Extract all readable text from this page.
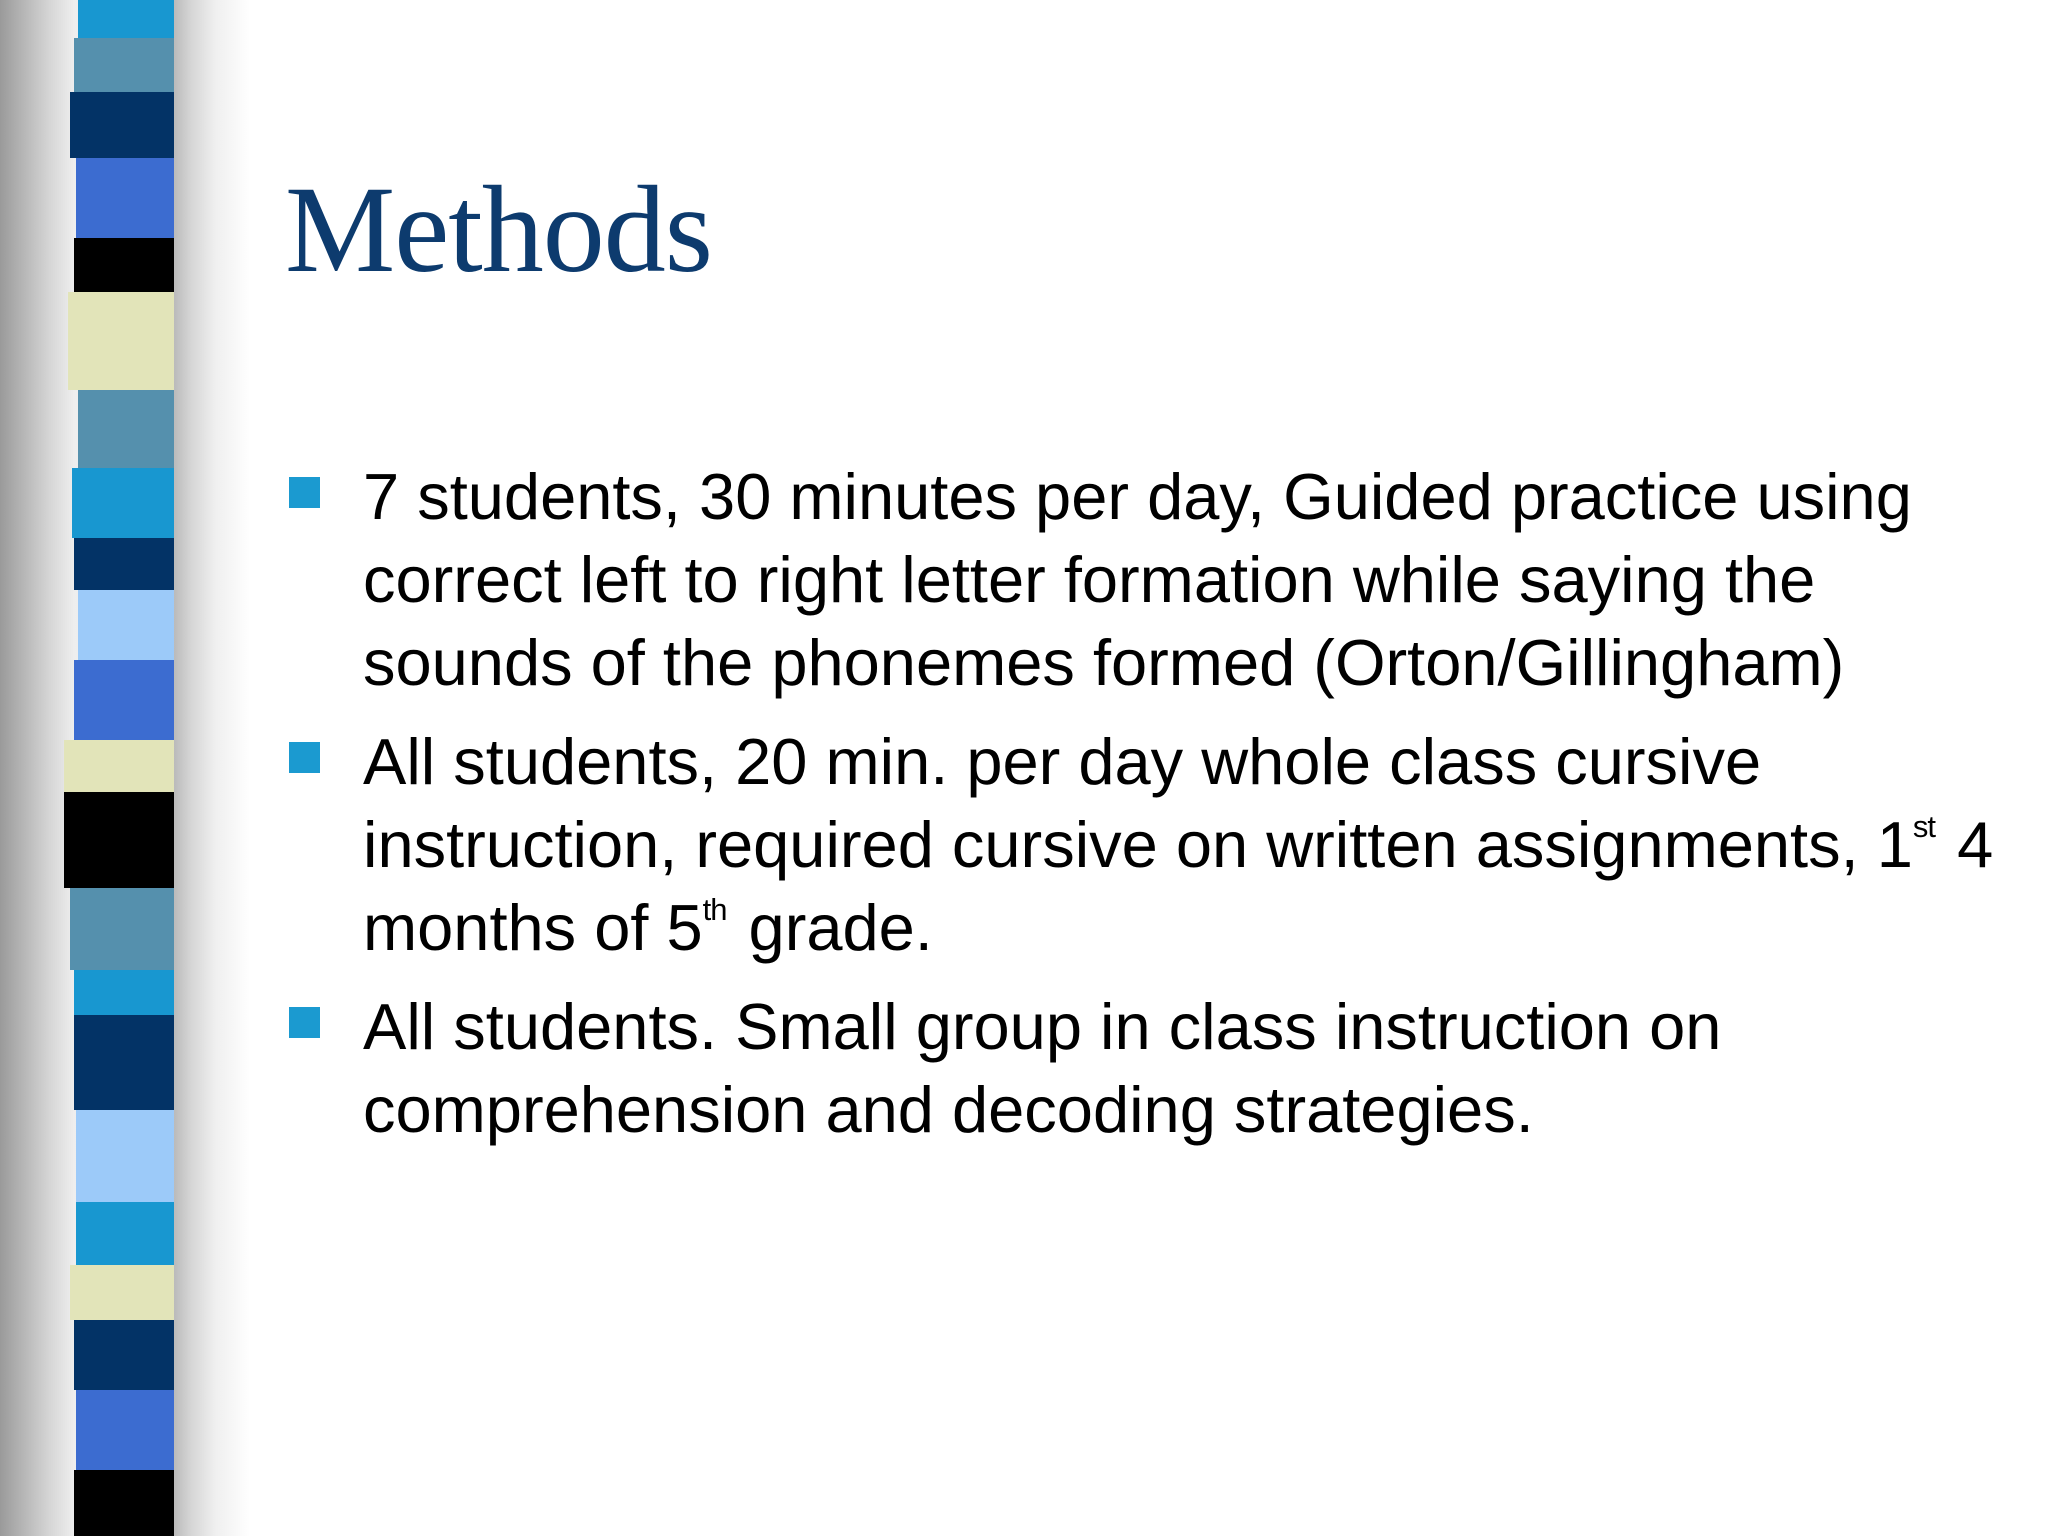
Methods
7 students, 30 minutes per day, Guided practice using correct left to right letter formation while saying the sounds of the phonemes formed (Orton/Gillingham)
All students, 20 min. per day whole class cursive instruction, required cursive on written assignments, 1st 4 months of 5th grade.
All students. Small group in class instruction on comprehension and decoding strategies.
